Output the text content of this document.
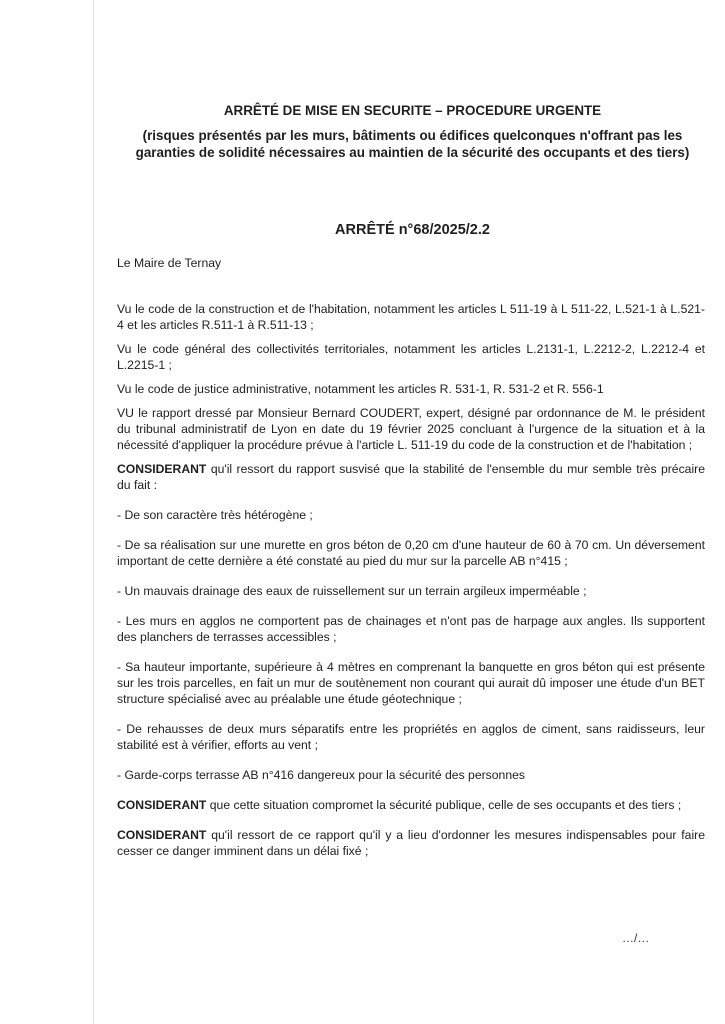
ARRÊTÉ DE MISE EN SECURITE – PROCEDURE URGENTE
(risques présentés par les murs, bâtiments ou édifices quelconques n'offrant pas les garanties de solidité nécessaires au maintien de la sécurité des occupants et des tiers)
ARRÊTÉ n°68/2025/2.2

Le Maire de Ternay

Vu le code de la construction et de l'habitation, notamment les articles L 511-19 à L 511-22, L.521-1 à L.521-4 et les articles R.511-1 à R.511-13 ;

Vu le code général des collectivités territoriales, notamment les articles L.2131-1, L.2212-2, L.2212-4 et L.2215-1 ;

Vu le code de justice administrative, notamment les articles R. 531-1, R. 531-2 et R. 556-1

VU le rapport dressé par Monsieur Bernard COUDERT, expert, désigné par ordonnance de M. le président du tribunal administratif de Lyon en date du 19 février 2025 concluant à l'urgence de la situation et à la nécessité d'appliquer la procédure prévue à l'article L. 511-19 du code de la construction et de l'habitation ;

CONSIDERANT qu'il ressort du rapport susvisé que la stabilité de l'ensemble du mur semble très précaire du fait :

- De son caractère très hétérogène ;

- De sa réalisation sur une murette en gros béton de 0,20 cm d'une hauteur de 60 à 70 cm. Un déversement important de cette dernière a été constaté au pied du mur sur la parcelle AB n°415 ;

- Un mauvais drainage des eaux de ruissellement sur un terrain argileux imperméable ;

- Les murs en agglos ne comportent pas de chainages et n'ont pas de harpage aux angles. Ils supportent des planchers de terrasses accessibles ;

- Sa hauteur importante, supérieure à 4 mètres en comprenant la banquette en gros béton qui est présente sur les trois parcelles, en fait un mur de soutènement non courant qui aurait dû imposer une étude d'un BET structure spécialisé avec au préalable une étude géotechnique ;

- De rehausses de deux murs séparatifs entre les propriétés en agglos de ciment, sans raidisseurs, leur stabilité est à vérifier, efforts au vent ;

- Garde-corps terrasse AB n°416 dangereux pour la sécurité des personnes

CONSIDERANT que cette situation compromet la sécurité publique, celle de ses occupants et des tiers ;

CONSIDERANT qu'il ressort de ce rapport qu'il y a lieu d'ordonner les mesures indispensables pour faire cesser ce danger imminent dans un délai fixé ;

…/…
